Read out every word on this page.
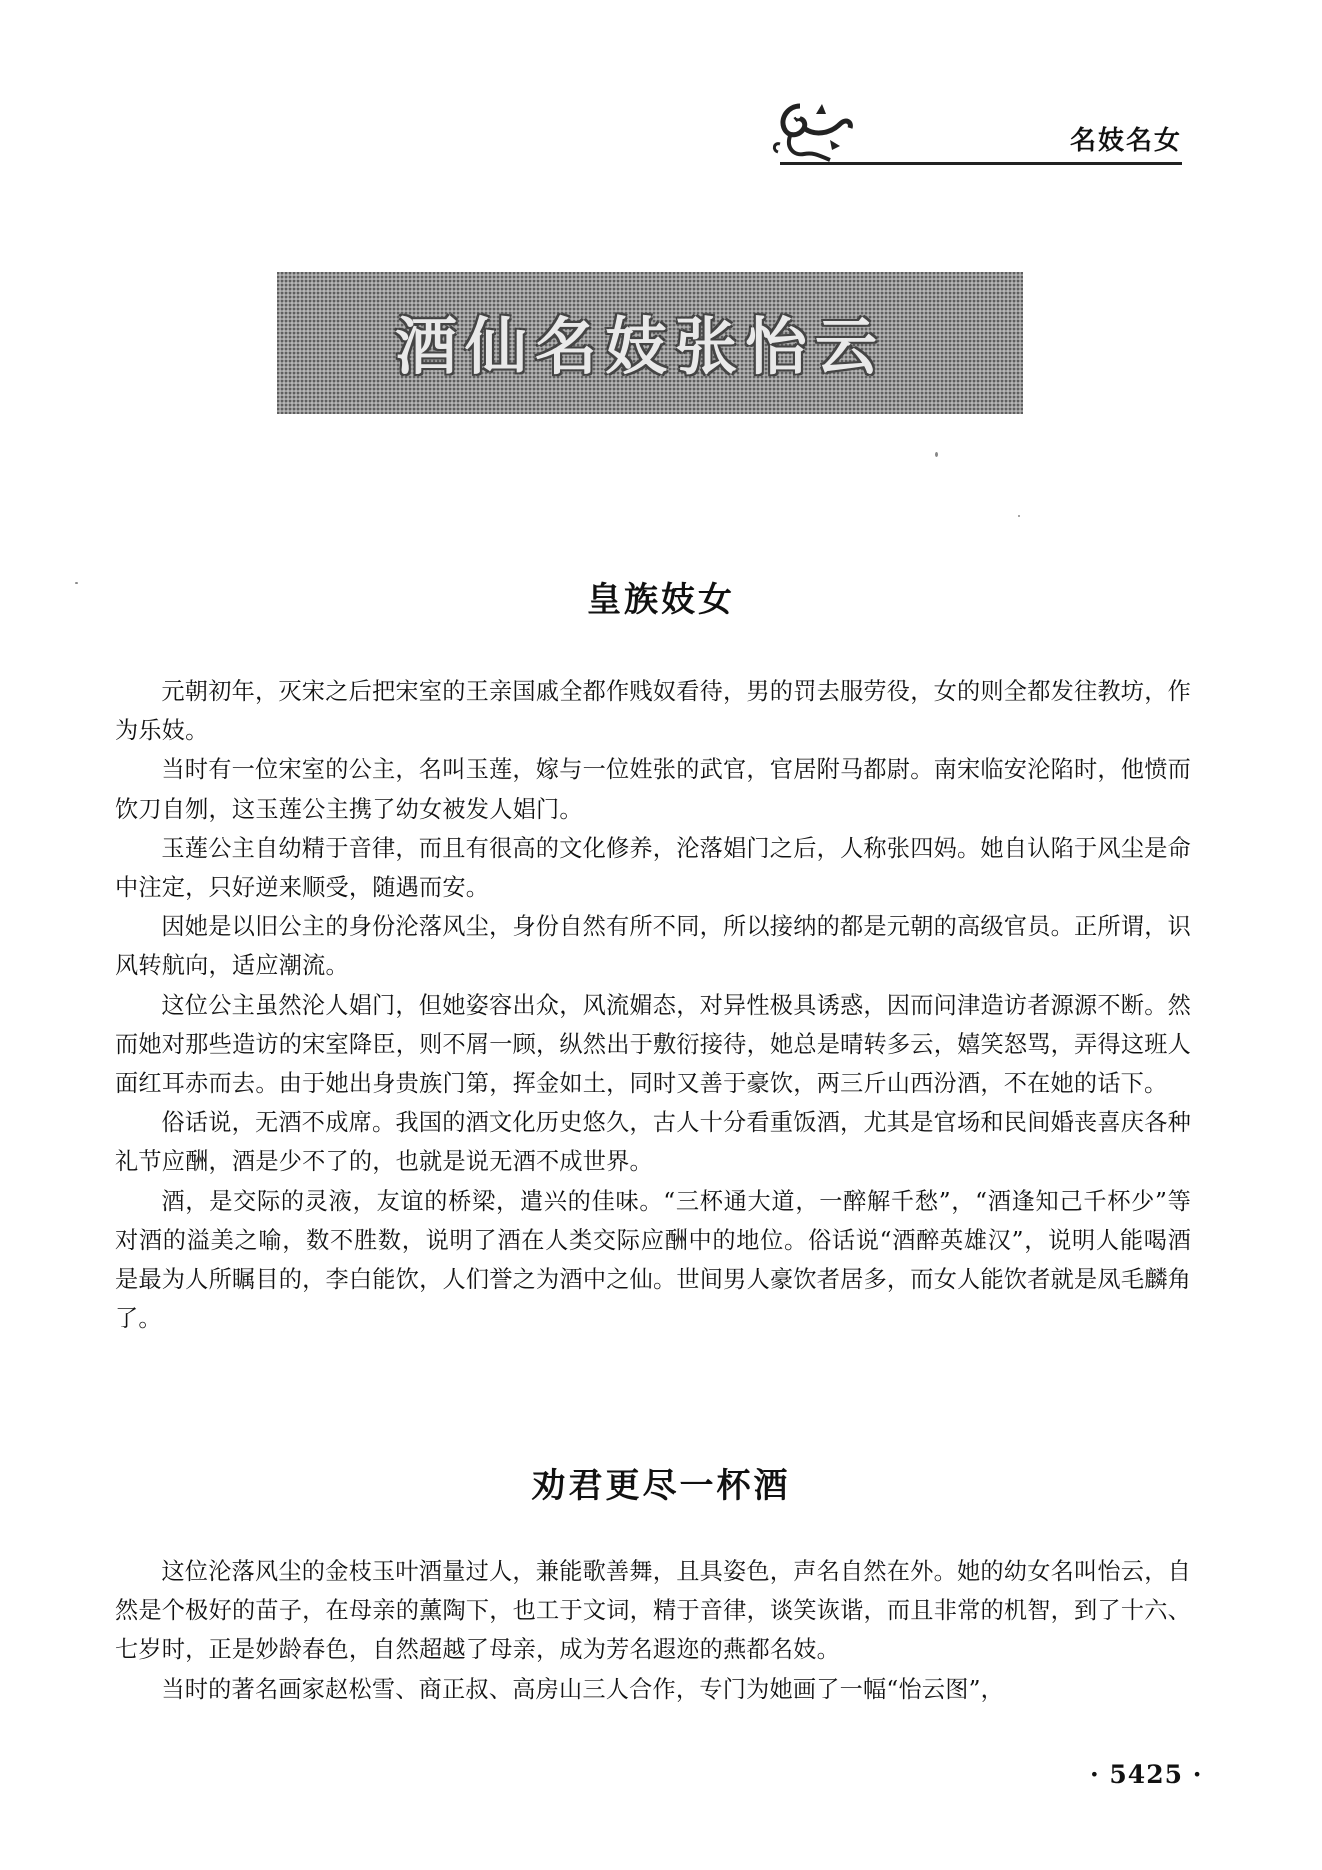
名妓名女
酒仙名妓张怡云
皇族妓女

元朝初年，灭宋之后把宋室的王亲国戚全都作贱奴看待，男的罚去服劳役，女的则全都发往教坊，作为乐妓。

当时有一位宋室的公主，名叫玉莲，嫁与一位姓张的武官，官居附马都尉。南宋临安沦陷时，他愤而饮刀自刎，这玉莲公主携了幼女被发人娼门。

玉莲公主自幼精于音律，而且有很高的文化修养，沦落娼门之后，人称张四妈。她自认陷于风尘是命中注定，只好逆来顺受，随遇而安。

因她是以旧公主的身份沦落风尘，身份自然有所不同，所以接纳的都是元朝的高级官员。正所谓，识风转航向，适应潮流。

这位公主虽然沦人娼门，但她姿容出众，风流媚态，对异性极具诱惑，因而问津造访者源源不断。然而她对那些造访的宋室降臣，则不屑一顾，纵然出于敷衍接待，她总是晴转多云，嬉笑怒骂，弄得这班人面红耳赤而去。由于她出身贵族门第，挥金如土，同时又善于豪饮，两三斤山西汾酒，不在她的话下。

俗话说，无酒不成席。我国的酒文化历史悠久，古人十分看重饭酒，尤其是官场和民间婚丧喜庆各种礼节应酬，酒是少不了的，也就是说无酒不成世界。

酒，是交际的灵液，友谊的桥梁，遣兴的佳味。“三杯通大道，一醉解千愁”，“酒逢知己千杯少”等对酒的溢美之喻，数不胜数，说明了酒在人类交际应酬中的地位。俗话说“酒醉英雄汉”，说明人能喝酒是最为人所瞩目的，李白能饮，人们誉之为酒中之仙。世间男人豪饮者居多，而女人能饮者就是凤毛麟角了。

劝君更尽一杯酒

这位沦落风尘的金枝玉叶酒量过人，兼能歌善舞，且具姿色，声名自然在外。她的幼女名叫怡云，自然是个极好的苗子，在母亲的薰陶下，也工于文词，精于音律，谈笑诙谐，而且非常的机智，到了十六、七岁时，正是妙龄春色，自然超越了母亲，成为芳名遐迩的燕都名妓。

当时的著名画家赵松雪、商正叔、高房山三人合作，专门为她画了一幅“怡云图”，

· 5425 ·
